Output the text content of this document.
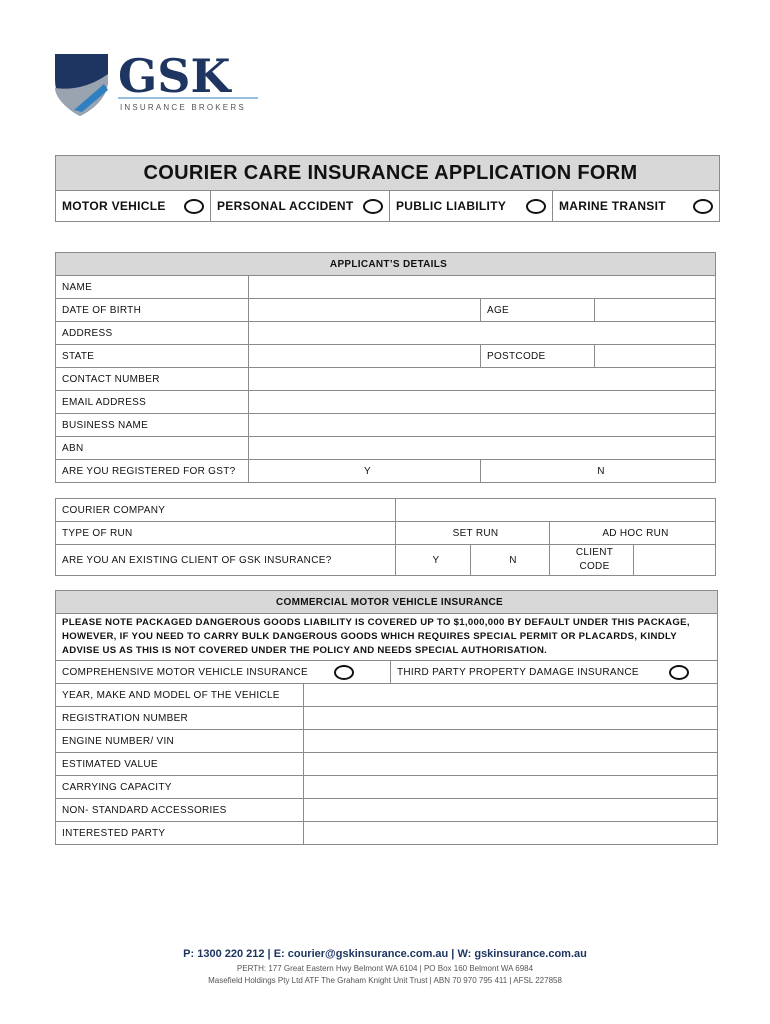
GSK
INSURANCE BROKERS
COURIER CARE INSURANCE APPLICATION FORM

MOTOR VEHICLE	PERSONAL ACCIDENT	PUBLIC LIABILITY	MARINE TRANSIT
APPLICANT’S DETAILS			
NAME			
DATE OF BIRTH		AGE	
ADDRESS			
STATE		POSTCODE	
CONTACT NUMBER			
EMAIL ADDRESS			
BUSINESS NAME			
ABN			
ARE YOU REGISTERED FOR GST?	Y	N	
COURIER COMPANY				
TYPE OF RUN	SET RUN		AD HOC RUN	
ARE YOU AN EXISTING CLIENT OF GSK INSURANCE?	Y	N	CLIENT
CODE	
COMMERCIAL MOTOR VEHICLE INSURANCE		
PLEASE NOTE PACKAGED DANGEROUS GOODS LIABILITY IS COVERED UP TO $1,000,000 BY DEFAULT UNDER THIS PACKAGE, HOWEVER, IF YOU NEED TO CARRY BULK DANGEROUS GOODS WHICH REQUIRES SPECIAL PERMIT OR PLACARDS, KINDLY ADVISE US AS THIS IS NOT COVERED UNDER THE POLICY AND NEEDS SPECIAL AUTHORISATION.		

COMPREHENSIVE MOTOR VEHICLE INSURANCE		THIRD PARTY PROPERTY DAMAGE INSURANCE

YEAR, MAKE AND MODEL OF THE VEHICLE		
REGISTRATION NUMBER		
ENGINE NUMBER/ VIN		
ESTIMATED VALUE		
CARRYING CAPACITY		
NON- STANDARD ACCESSORIES		
INTERESTED PARTY		
P: 1300 220 212 | E: courier@gskinsurance.com.au | W: gskinsurance.com.au
PERTH: 177 Great Eastern Hwy Belmont WA 6104 | PO Box 160 Belmont WA 6984
Masefield Holdings Pty Ltd ATF The Graham Knight Unit Trust | ABN 70 970 795 411 | AFSL 227858
